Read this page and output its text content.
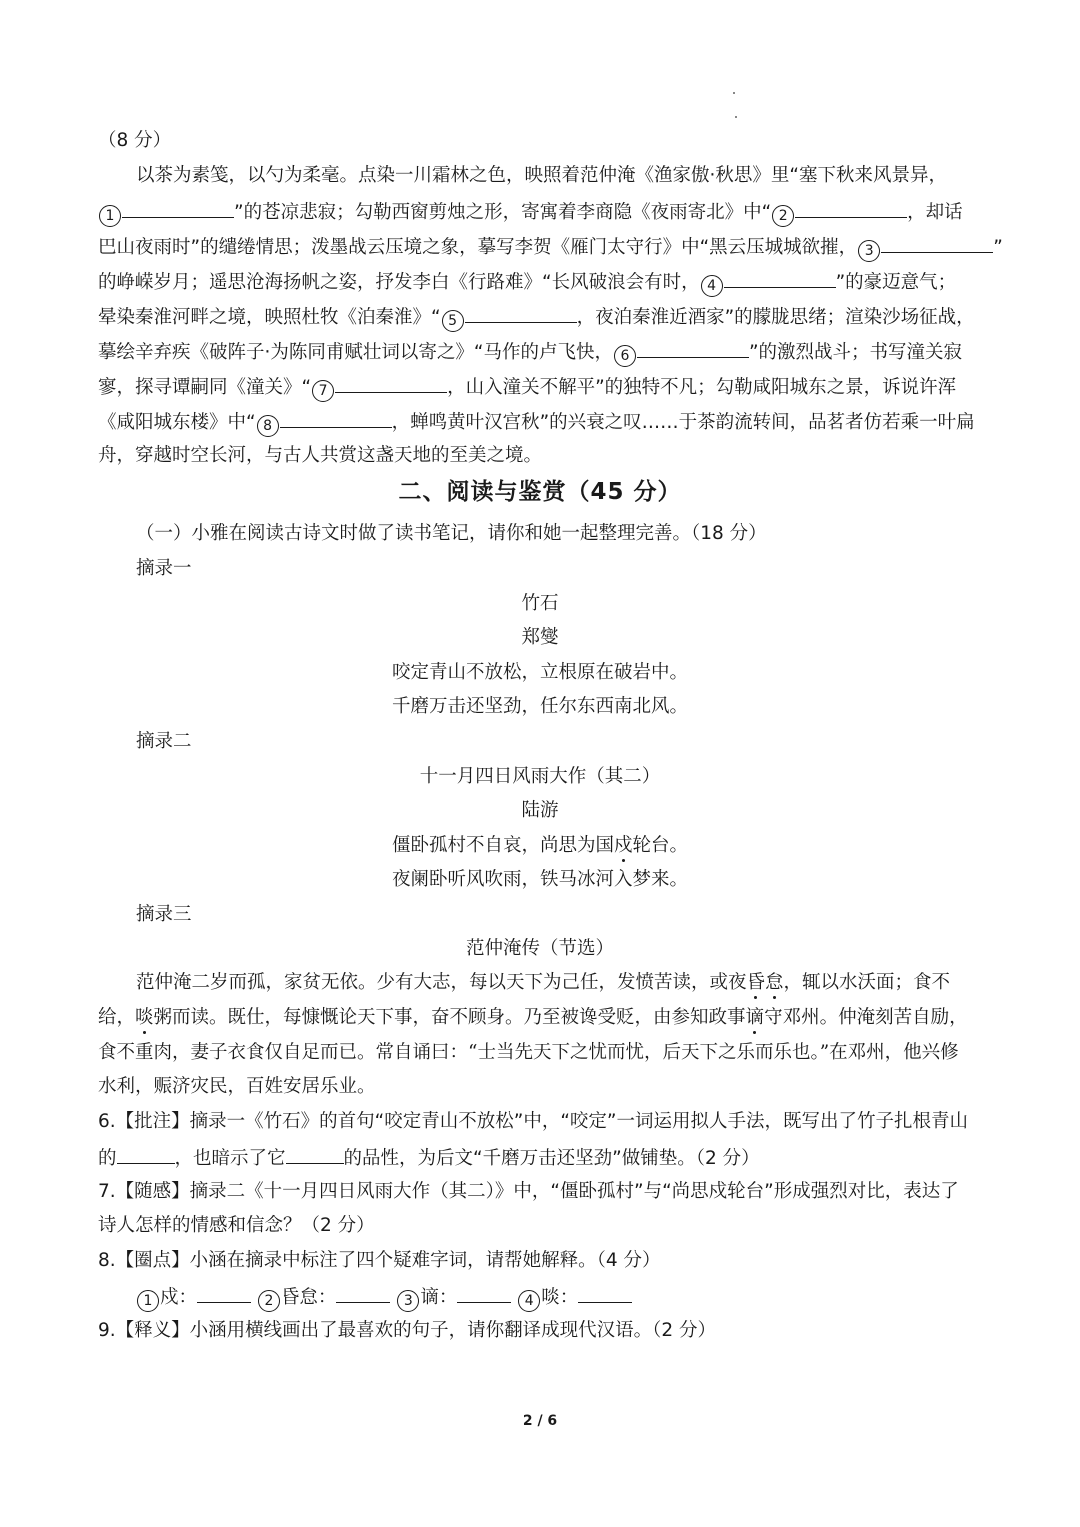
（8 分）
以茶为素笺，以勺为柔毫。点染一川霜林之色，映照着范仲淹《渔家傲·秋思》里“塞下秋来风景异，
1	”的苍凉悲寂；勾勒西窗剪烛之形，寄寓着李商隐《夜雨寄北》中“ 2	，却话
巴山夜雨时”的缱绻情思；泼墨战云压境之象，摹写李贺《雁门太守行》中“黑云压城城欲摧， 3	”
的峥嵘岁月；遥思沧海扬帆之姿，抒发李白《行路难》“长风破浪会有时， 4	”的豪迈意气；
晕染秦淮河畔之境，映照杜牧《泊秦淮》“ 5	，夜泊秦淮近酒家”的朦胧思绪；渲染沙场征战，
摹绘辛弃疾《破阵子·为陈同甫赋壮词以寄之》“马作的卢飞快， 6	”的激烈战斗；书写潼关寂
寥，探寻谭嗣同《潼关》“ 7	，山入潼关不解平”的独特不凡；勾勒咸阳城东之景，诉说许浑
《咸阳城东楼》中“ 8	，蝉鸣黄叶汉宫秋”的兴衰之叹……于茶韵流转间，品茗者仿若乘一叶扁
舟，穿越时空长河，与古人共赏这盏天地的至美之境。
二、阅读与鉴赏（45 分）
（一）小雅在阅读古诗文时做了读书笔记，请你和她一起整理完善。（18 分）
摘录一
竹石
郑燮
咬定青山不放松，立根原在破岩中。
千磨万击还坚劲，任尔东西南北风。
摘录二
十一月四日风雨大作（其二）
陆游
僵卧孤村不自哀，尚思为国戍轮台。
夜阑卧听风吹雨，铁马冰河入梦来。
摘录三
范仲淹传（节选）
范仲淹二岁而孤，家贫无依。少有大志，每以天下为己任，发愤苦读，或夜昏怠，辄以水沃面；食不
给，啖粥而读。既仕，每慷慨论天下事，奋不顾身。乃至被谗受贬，由参知政事谪守邓州。仲淹刻苦自励，
食不重肉，妻子衣食仅自足而已。常自诵曰：“士当先天下之忧而忧，后天下之乐而乐也。”在邓州，他兴修
水利，赈济灾民，百姓安居乐业。
6.【批注】摘录一《竹石》的首句“咬定青山不放松”中，“咬定”一词运用拟人手法，既写出了竹子扎根青山
的	，也暗示了它	的品性，为后文“千磨万击还坚劲”做铺垫。（2 分）
7.【随感】摘录二《十一月四日风雨大作（其二）》中，“僵卧孤村”与“尚思戍轮台”形成强烈对比，表达了
诗人怎样的情感和信念？（2 分）
8.【圈点】小涵在摘录中标注了四个疑难字词，请帮她解释。（4 分）
1 戍：	2 昏怠：	3 谪：	4 啖：
9.【释义】小涵用横线画出了最喜欢的句子，请你翻译成现代汉语。（2 分）
2 / 6
